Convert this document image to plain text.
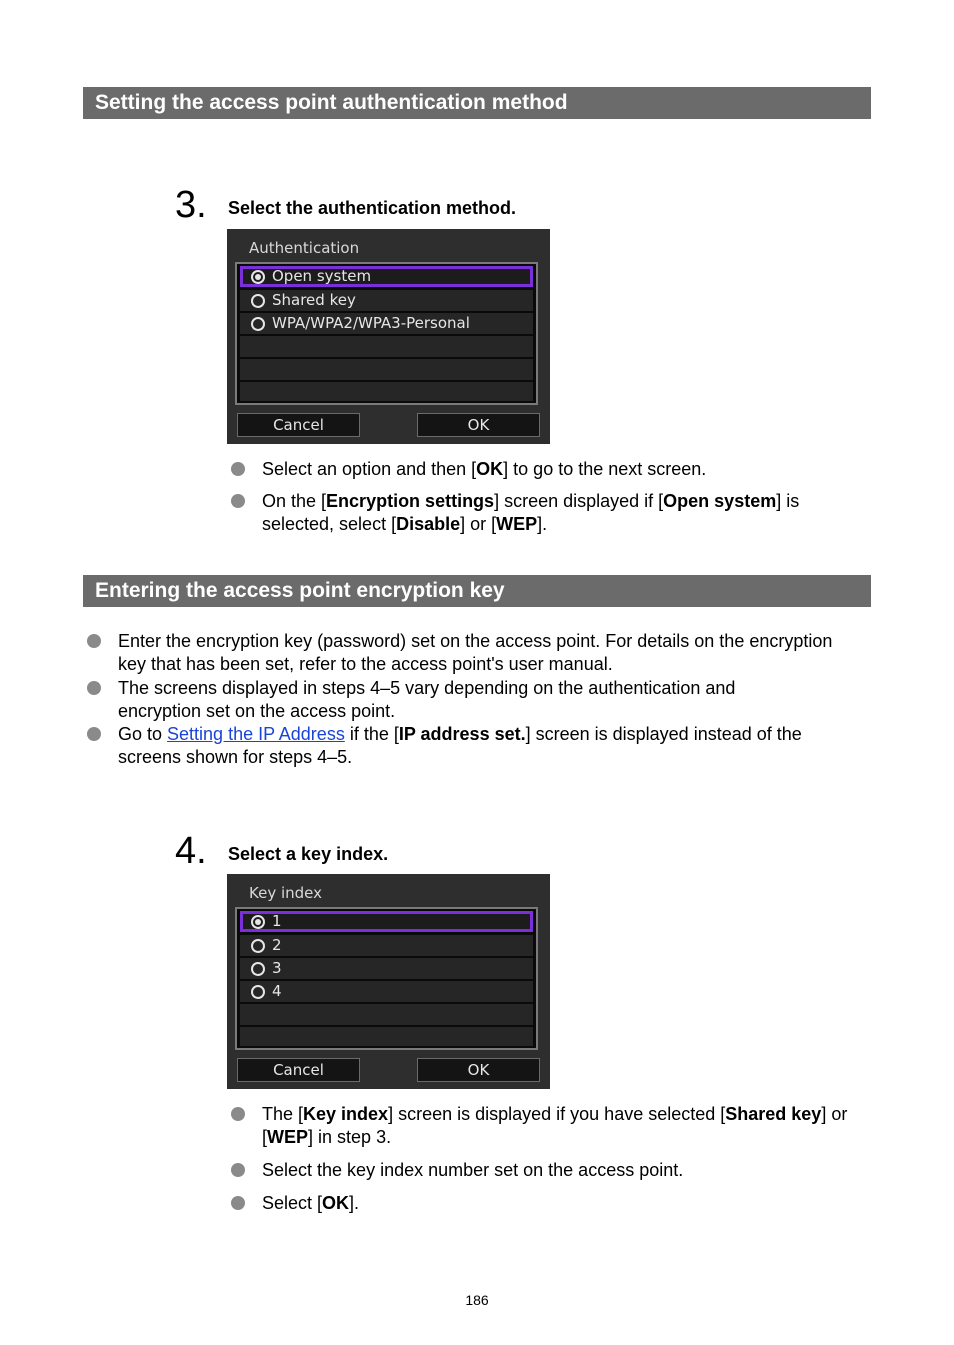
Setting the access point authentication method
3. Select the authentication method.
Authentication
Open system
Shared key
WPA/WPA2/WPA3-Personal
Cancel	OK
Select an option and then [OK] to go to the next screen.
On the [Encryption settings] screen displayed if [Open system] is selected, select [Disable] or [WEP].
Entering the access point encryption key
Enter the encryption key (password) set on the access point. For details on the encryption key that has been set, refer to the access point's user manual.
The screens displayed in steps 4–5 vary depending on the authentication and encryption set on the access point.
Go to Setting the IP Address if the [IP address set.] screen is displayed instead of the screens shown for steps 4–5.
4. Select a key index.
Key index
1
2
3
4
Cancel	OK
The [Key index] screen is displayed if you have selected [Shared key] or [WEP] in step 3.
Select the key index number set on the access point.
Select [OK].
186
